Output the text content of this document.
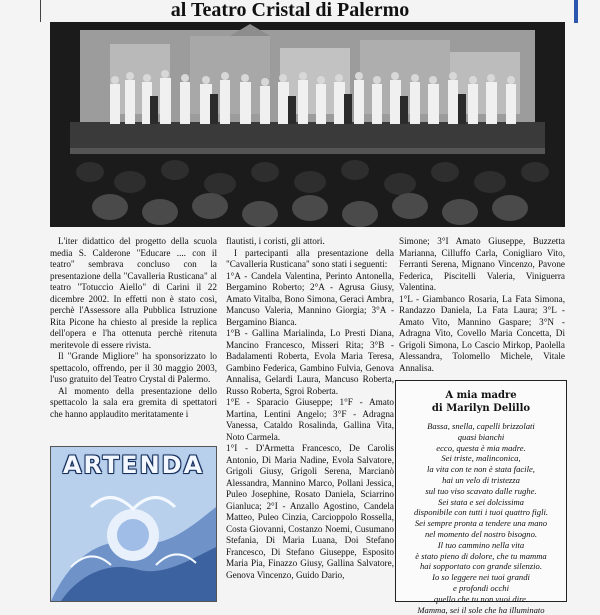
al Teatro Cristal di Palermo

L'iter didattico del progetto della scuola media S. Calderone "Educare .... con il teatro" sembrava concluso con la presentazione della "Cavalleria Rusticana" al teatro "Totuccio Aiello" di Carini il 22 dicembre 2002. In effetti non è stato così, perchè l'Assessore alla Pubblica Istruzione Rita Picone ha chiesto al preside la replica dell'opera e l'ha ottenuta perchè ritenuta meritevole di essere rivista.

Il "Grande Migliore" ha sponsorizzato lo spettacolo, offrendo, per il 30 maggio 2003, l'uso gratuito del Teatro Crystal di Palermo.

Al momento della presentazione dello spettacolo la sala era gremita di spettatori che hanno applaudito meritatamente i

flautisti, i coristi, gli attori.

I partecipanti alla presentazione della "Cavalleria Rusticana" sono stati i seguenti:

1°A - Candela Valentina, Perinto Antonella, Bergamino Roberto; 2°A - Agrusa Giusy, Amato Vitalba, Bono Simona, Geraci Ambra, Mancuso Valeria, Mannino Giorgia; 3°A - Bergamino Bianca.

1°B - Gallina Marialinda, Lo Presti Diana, Mancino Francesco, Misseri Rita; 3°B - Badalamenti Roberta, Evola Maria Teresa, Gambino Federica, Gambino Fulvia, Genova Annalisa, Gelardi Laura, Mancuso Roberta, Russo Roberta, Sgroi Roberta.

1°E - Sparacio Giuseppe; 1°F - Amato Martina, Lentini Angelo; 3°F - Adragna Vanessa, Cataldo Rosalinda, Gallina Vita, Noto Carmela.

1°I - D'Armetta Francesco, De Carolis Antonio, Di Maria Nadine, Evola Salvatore, Grigoli Giusy, Grigoli Serena, Marcianò Alessandra, Mannino Marco, Pollani Jessica, Puleo Josephine, Rosato Daniela, Sciarrino Gianluca; 2°I - Anzallo Agostino, Candela Matteo, Puleo Cinzia, Carcioppolo Rossella, Costa Giovanni, Costanzo Noemi, Cusumano Stefania, Di Maria Luana, Doi Stefano Francesco, Di Stefano Giuseppe, Esposito Maria Pia, Finazzo Giusy, Gallina Salvatore, Genova Vincenzo, Guido Dario,

Simone; 3°I Amato Giuseppe, Buzzetta Marianna, Cilluffo Carla, Conigliaro Vito, Ferranti Serena, Mignano Vincenzo, Pavone Federica, Piscitelli Valeria, Viniguerra Valentina.

1°L - Giambanco Rosaria, La Fata Simona, Randazzo Daniela, La Fata Laura; 3°L - Amato Vito, Mannino Gaspare; 3°N - Adragna Vito, Covello Maria Concetta, Di Grigoli Simona, Lo Cascio Mirkop, Paolella Alessandra, Tolomello Michele, Vitale Annalisa.

ARTENDA
A mia madre
di Marilyn Delillo
Bassa, snella, capelli brizzolati
quasi bianchi
ecco, questa è mia madre.
Sei triste, malinconica,
la vita con te non è stata facile,
hai un velo di tristezza
sul tuo viso scavato dalle rughe.
Sei stata e sei dolcissima
disponibile con tutti i tuoi quattro figli.
Sei sempre pronta a tendere una mano
nel momento del nostro bisogno.
Il tuo cammino nella vita
è stato pieno di dolore, che tu mamma
hai sopportato con grande silenzio.
Io so leggere nei tuoi grandi
e profondi occhi
quello che tu non vuoi dire.
Mamma, sei il sole che ha illuminato
